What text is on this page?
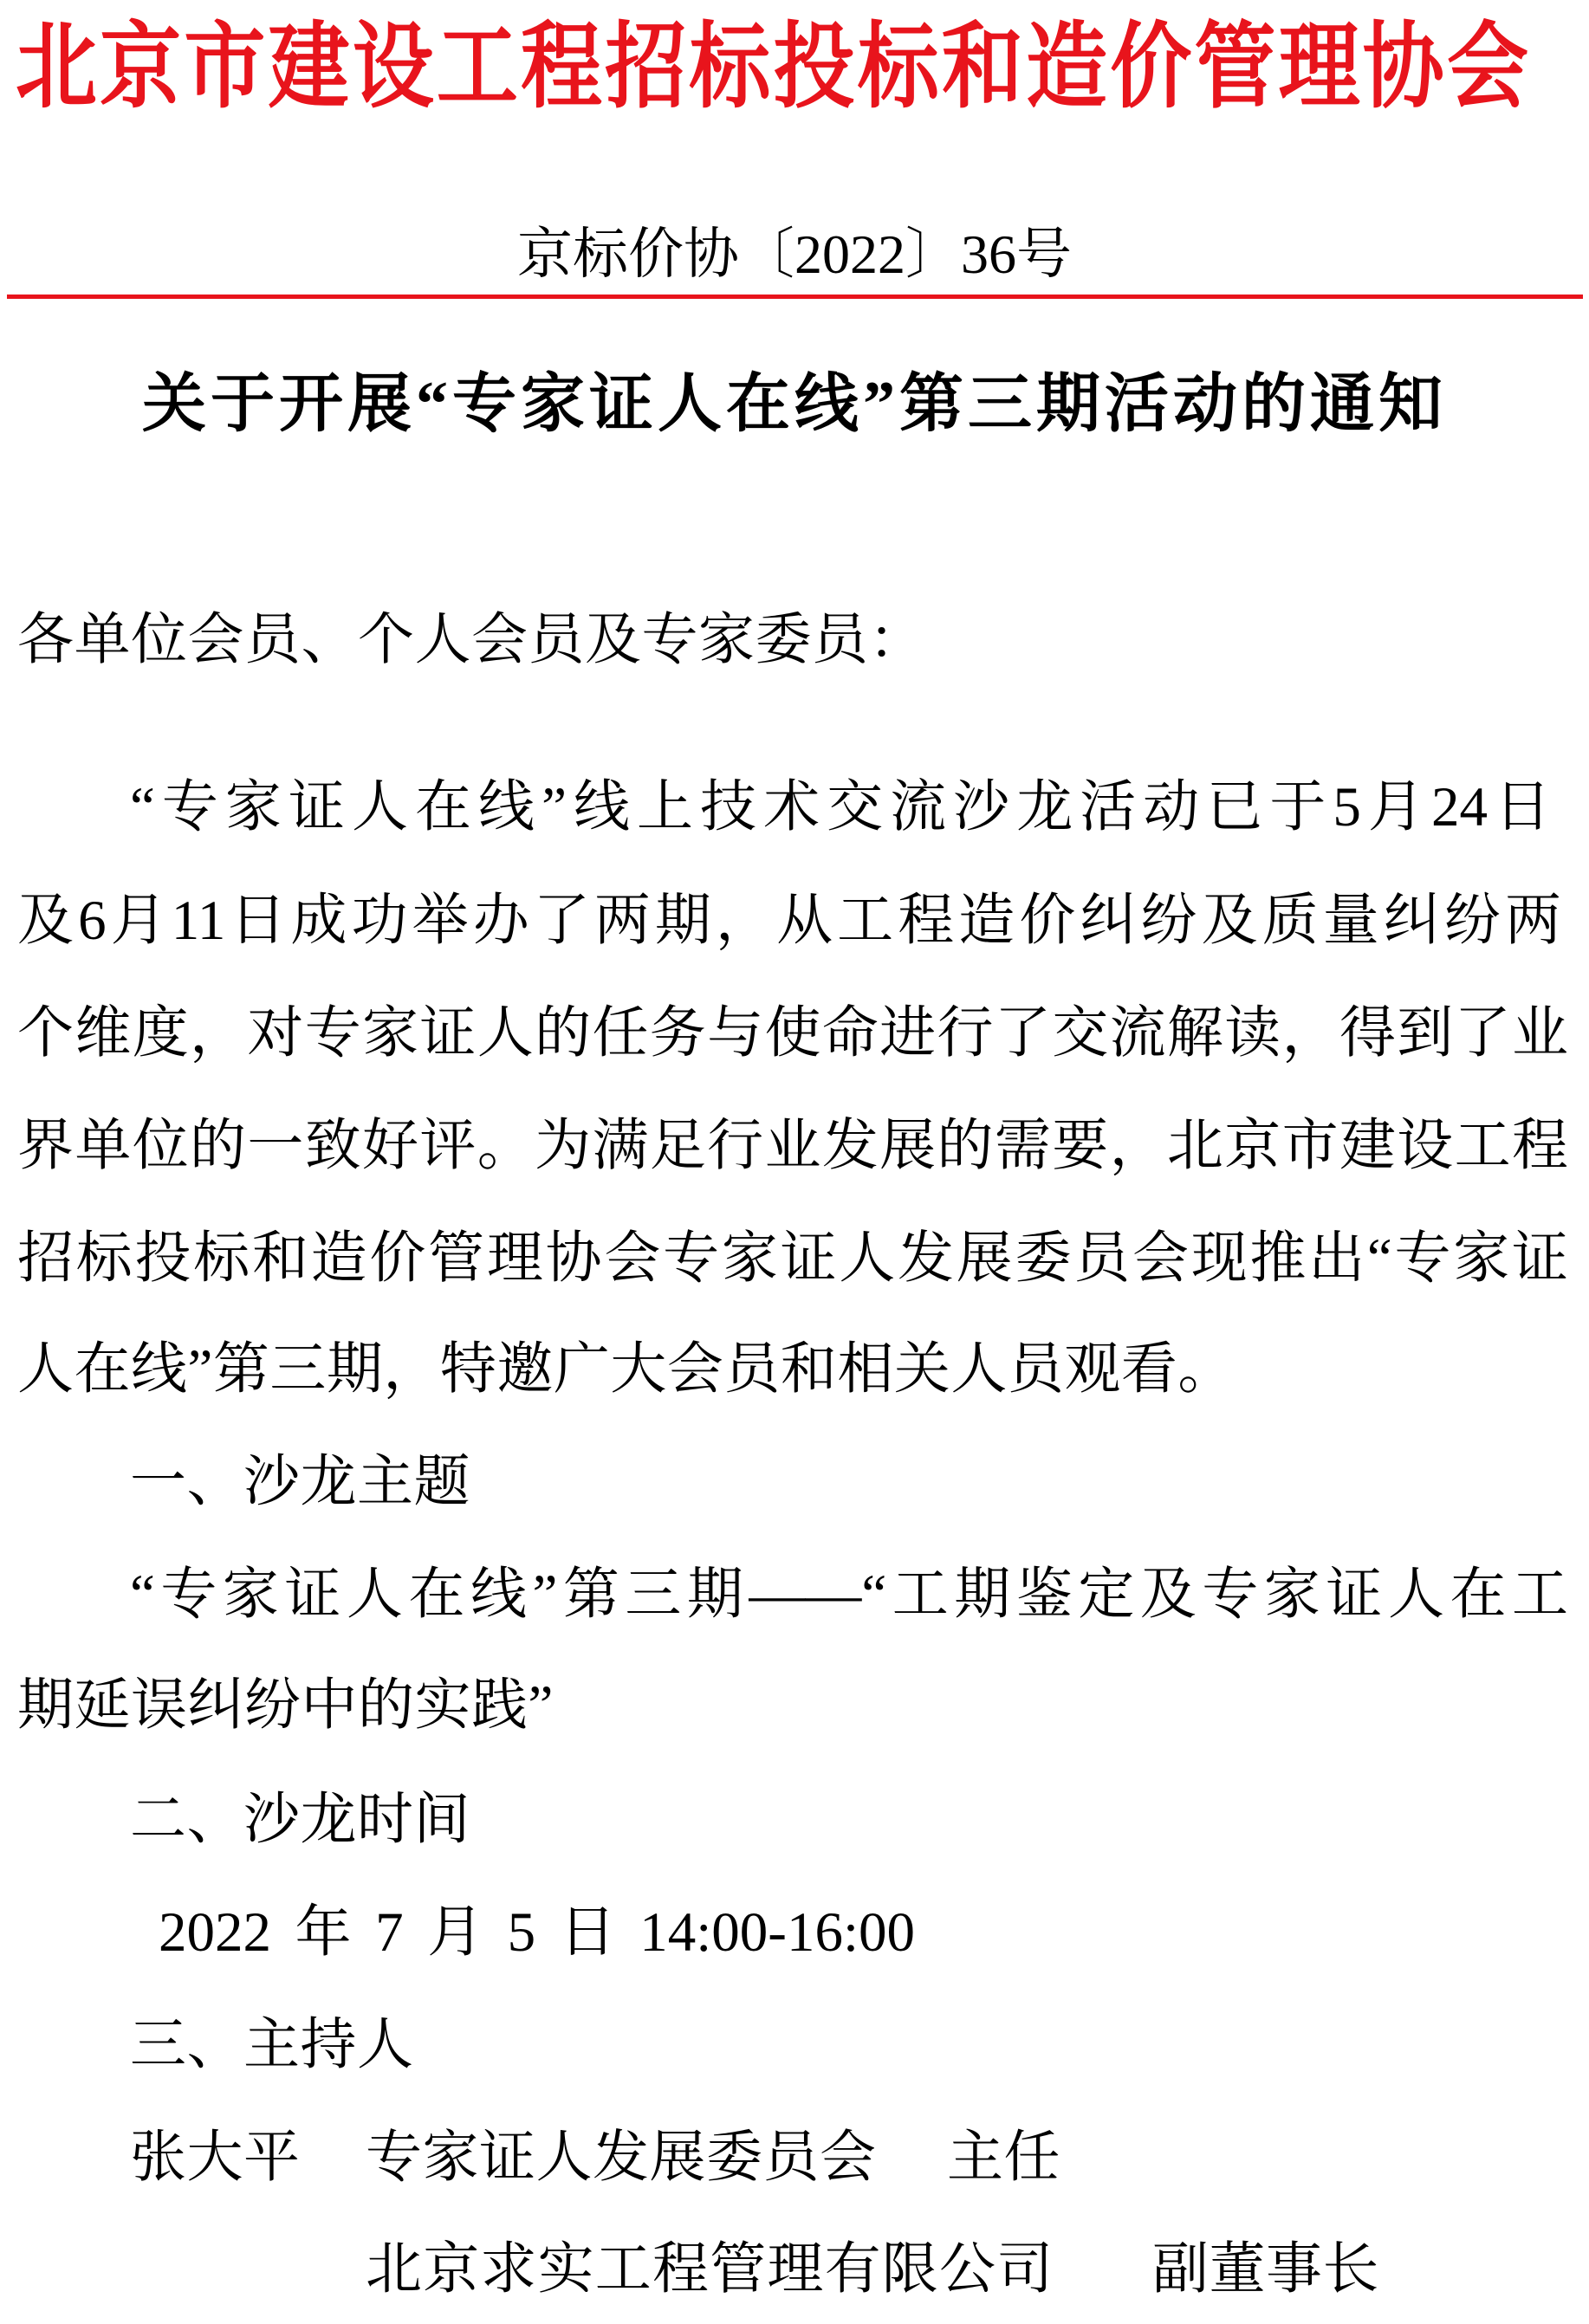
北京市建设工程招标投标和造价管理协会
京标价协〔2022〕36号
关于开展“专家证人在线”第三期活动的通知
各单位会员、个人会员及专家委员：
“专家证人在线”线上技术交流沙龙活动已于5月24日
及6月11日成功举办了两期，从工程造价纠纷及质量纠纷两
个维度，对专家证人的任务与使命进行了交流解读，得到了业
界单位的一致好评。为满足行业发展的需要，北京市建设工程
招标投标和造价管理协会专家证人发展委员会现推出“专家证
人在线”第三期，特邀广大会员和相关人员观看。
一、沙龙主题
“专家证人在线”第三期——“工期鉴定及专家证人在工
期延误纠纷中的实践”
二、沙龙时间
2022年7月5日14:00-16:00
三、主持人
张大平 专家证人发展委员会 主任
北京求实工程管理有限公司 副董事长
